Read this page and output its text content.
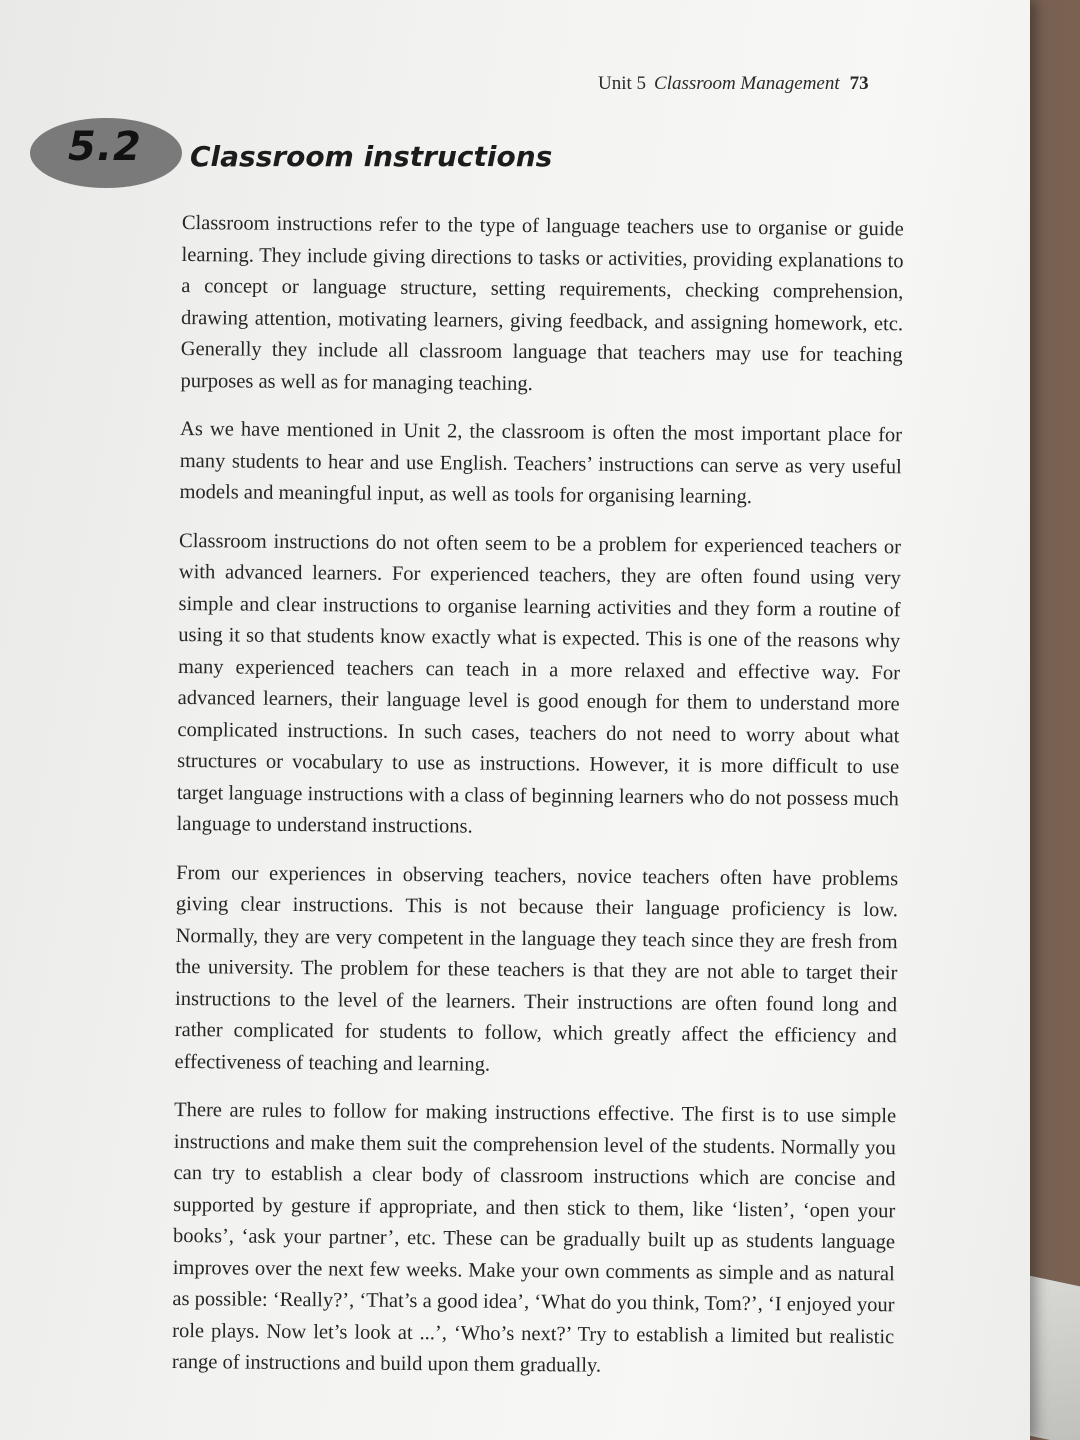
Unit 5 Classroom Management 73
5.2 Classroom instructions

Classroom instructions refer to the type of language teachers use to organise or guide learning. They include giving directions to tasks or activities, providing explanations to a concept or language structure, setting requirements, checking comprehension, drawing attention, motivating learners, giving feedback, and assigning homework, etc. Generally they include all classroom language that teachers may use for teaching purposes as well as for managing teaching.

As we have mentioned in Unit 2, the classroom is often the most important place for many students to hear and use English. Teachers’ instructions can serve as very useful models and meaningful input, as well as tools for organising learning.

Classroom instructions do not often seem to be a problem for experienced teachers or with advanced learners. For experienced teachers, they are often found using very simple and clear instructions to organise learning activities and they form a routine of using it so that students know exactly what is expected. This is one of the reasons why many experienced teachers can teach in a more relaxed and effective way. For advanced learners, their language level is good enough for them to understand more complicated instructions. In such cases, teachers do not need to worry about what structures or vocabulary to use as instructions. However, it is more difficult to use target language instructions with a class of beginning learners who do not possess much language to understand instructions.

From our experiences in observing teachers, novice teachers often have problems giving clear instructions. This is not because their language proficiency is low. Normally, they are very competent in the language they teach since they are fresh from the university. The problem for these teachers is that they are not able to target their instructions to the level of the learners. Their instructions are often found long and rather complicated for students to follow, which greatly affect the efficiency and effectiveness of teaching and learning.

There are rules to follow for making instructions effective. The first is to use simple instructions and make them suit the comprehension level of the students. Normally you can try to establish a clear body of classroom instructions which are concise and supported by gesture if appropriate, and then stick to them, like ‘listen’, ‘open your books’, ‘ask your partner’, etc. These can be gradually built up as students language improves over the next few weeks. Make your own comments as simple and as natural as possible: ‘Really?’, ‘That’s a good idea’, ‘What do you think, Tom?’, ‘I enjoyed your role plays. Now let’s look at ...’, ‘Who’s next?’ Try to establish a limited but realistic range of instructions and build upon them gradually.
